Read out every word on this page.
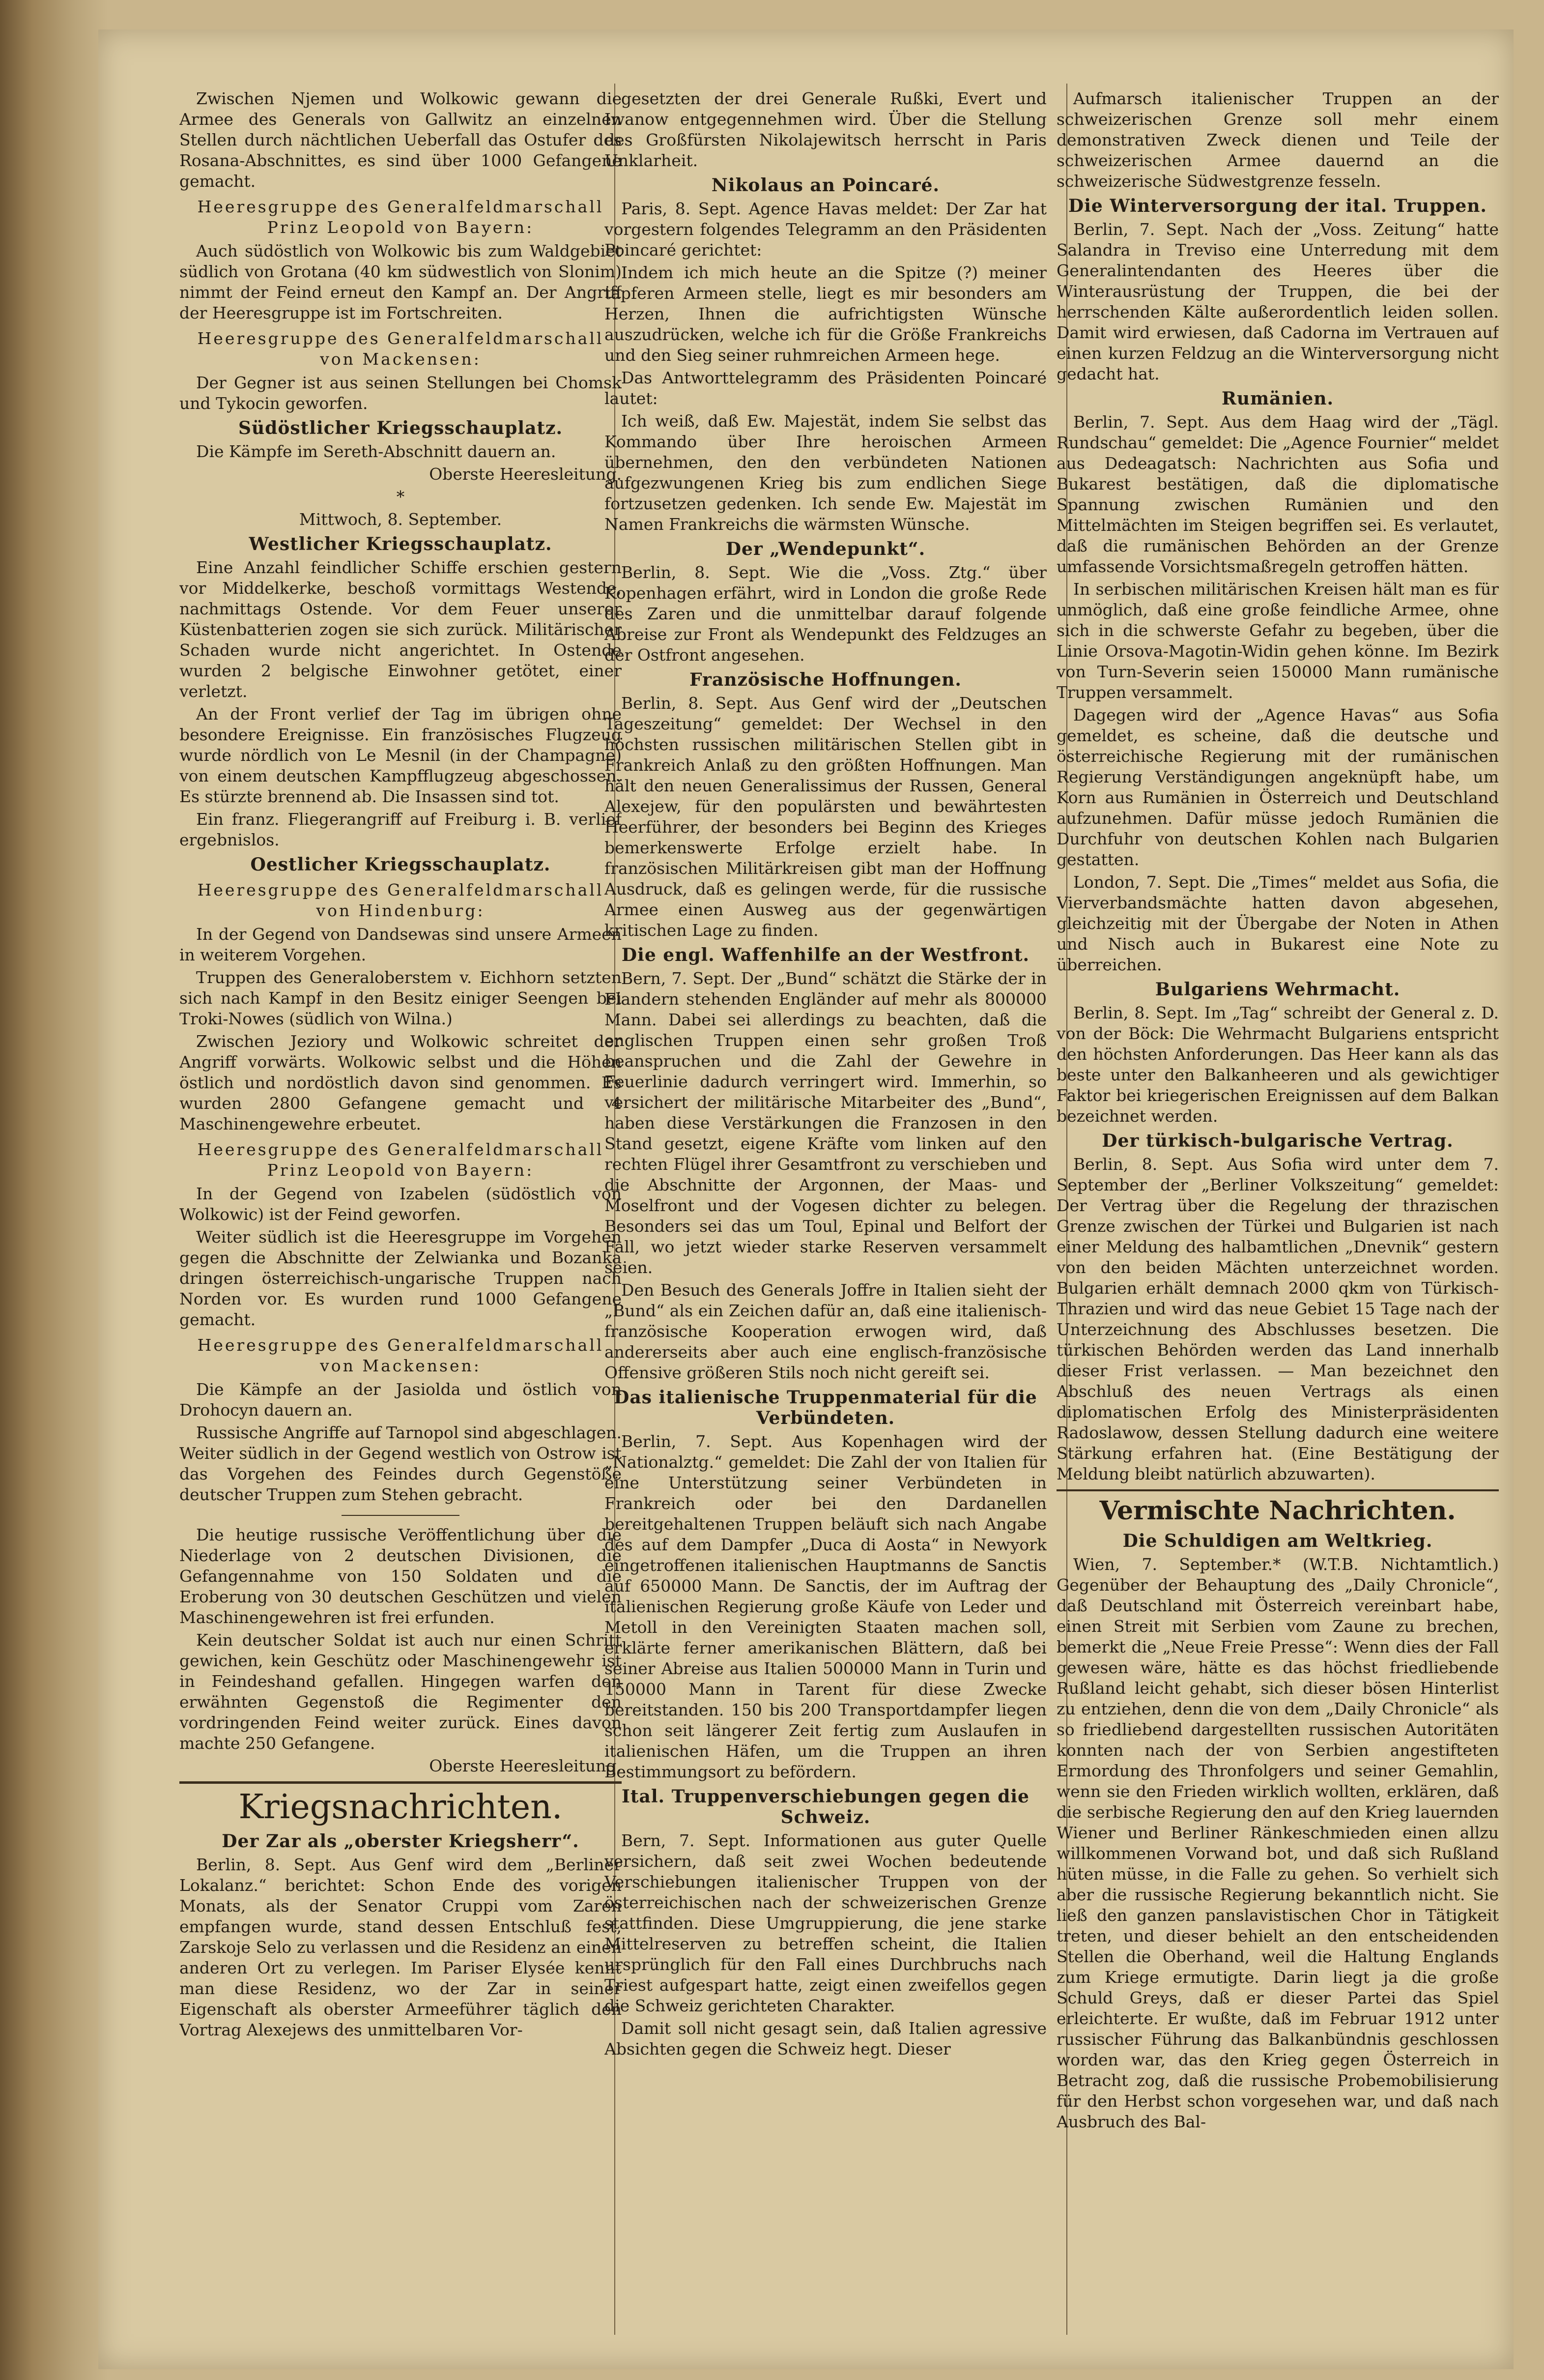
Zwischen Njemen und Wolkowic gewann die Armee des Generals von Gallwitz an einzelnen Stellen durch nächtlichen Ueberfall das Ostufer des Rosana-Abschnittes, es sind über 1000 Gefangene gemacht.

Heeresgruppe des Generalfeldmarschall Prinz Leopold von Bayern:

Auch südöstlich von Wolkowic bis zum Waldgebiet südlich von Grotana (40 km südwestlich von Slonim) nimmt der Feind erneut den Kampf an. Der Angriff der Heeresgruppe ist im Fortschreiten.

Heeresgruppe des Generalfeldmarschall von Mackensen:

Der Gegner ist aus seinen Stellungen bei Chomsk und Tykocin geworfen.

Südöstlicher Kriegsschauplatz.

Die Kämpfe im Sereth-Abschnitt dauern an.

Oberste Heeresleitung.

*

Mittwoch, 8. September.

Westlicher Kriegsschauplatz.

Eine Anzahl feindlicher Schiffe erschien gestern vor Middelkerke, beschoß vormittags Westende, nachmittags Ostende. Vor dem Feuer unserer Küstenbatterien zogen sie sich zurück. Militärischer Schaden wurde nicht angerichtet. In Ostende wurden 2 belgische Einwohner getötet, einer verletzt.

An der Front verlief der Tag im übrigen ohne besondere Ereignisse. Ein französisches Flugzeug wurde nördlich von Le Mesnil (in der Champagne) von einem deutschen Kampfflugzeug abgeschossen. Es stürzte brennend ab. Die Insassen sind tot.

Ein franz. Fliegerangriff auf Freiburg i. B. verlief ergebnislos.

Oestlicher Kriegsschauplatz.

Heeresgruppe des Generalfeldmarschall von Hindenburg:

In der Gegend von Dandsewas sind unsere Armeen in weiterem Vorgehen.

Truppen des Generaloberstem v. Eichhorn setzten sich nach Kampf in den Besitz einiger Seengen bei Troki-Nowes (südlich von Wilna.)

Zwischen Jeziory und Wolkowic schreitet der Angriff vorwärts. Wolkowic selbst und die Höhen östlich und nordöstlich davon sind genommen. Es wurden 2800 Gefangene gemacht und 4 Maschinengewehre erbeutet.

Heeresgruppe des Generalfeldmarschall Prinz Leopold von Bayern:

In der Gegend von Izabelen (südöstlich von Wolkowic) ist der Feind geworfen.

Weiter südlich ist die Heeresgruppe im Vorgehen gegen die Abschnitte der Zelwianka und Bozanka dringen österreichisch-ungarische Truppen nach Norden vor. Es wurden rund 1000 Gefangene gemacht.

Heeresgruppe des Generalfeldmarschall von Mackensen:

Die Kämpfe an der Jasiolda und östlich von Drohocyn dauern an.

Russische Angriffe auf Tarnopol sind abgeschlagen. Weiter südlich in der Gegend westlich von Ostrow ist das Vorgehen des Feindes durch Gegenstöße deutscher Truppen zum Stehen gebracht.

Die heutige russische Veröffentlichung über die Niederlage von 2 deutschen Divisionen, die Gefangennahme von 150 Soldaten und die Eroberung von 30 deutschen Geschützen und vielen Maschinengewehren ist frei erfunden.

Kein deutscher Soldat ist auch nur einen Schritt gewichen, kein Geschütz oder Maschinengewehr ist in Feindeshand gefallen. Hingegen warfen den erwähnten Gegenstoß die Regimenter den vordringenden Feind weiter zurück. Eines davon machte 250 Gefangene.

Oberste Heeresleitung.

Kriegsnachrichten.
Der Zar als „oberster Kriegsherr“.

Berlin, 8. Sept. Aus Genf wird dem „Berliner Lokalanz.“ berichtet: Schon Ende des vorigen Monats, als der Senator Cruppi vom Zaren empfangen wurde, stand dessen Entschluß fest, Zarskoje Selo zu verlassen und die Residenz an einen anderen Ort zu verlegen. Im Pariser Elysée kennt man diese Residenz, wo der Zar in seiner Eigenschaft als oberster Armeeführer täglich den Vortrag Alexejews des unmittelbaren Vor-

gesetzten der drei Generale Rußki, Evert und Iwanow entgegennehmen wird. Über die Stellung des Großfürsten Nikolajewitsch herrscht in Paris Unklarheit.

Nikolaus an Poincaré.

Paris, 8. Sept. Agence Havas meldet: Der Zar hat vorgestern folgendes Telegramm an den Präsidenten Poincaré gerichtet:

Indem ich mich heute an die Spitze (?) meiner tapferen Armeen stelle, liegt es mir besonders am Herzen, Ihnen die aufrichtigsten Wünsche auszudrücken, welche ich für die Größe Frankreichs und den Sieg seiner ruhmreichen Armeen hege.

Das Antworttelegramm des Präsidenten Poincaré lautet:

Ich weiß, daß Ew. Majestät, indem Sie selbst das Kommando über Ihre heroischen Armeen übernehmen, den den verbündeten Nationen aufgezwungenen Krieg bis zum endlichen Siege fortzusetzen gedenken. Ich sende Ew. Majestät im Namen Frankreichs die wärmsten Wünsche.

Der „Wendepunkt“.

Berlin, 8. Sept. Wie die „Voss. Ztg.“ über Kopenhagen erfährt, wird in London die große Rede des Zaren und die unmittelbar darauf folgende Abreise zur Front als Wendepunkt des Feldzuges an der Ostfront angesehen.

Französische Hoffnungen.

Berlin, 8. Sept. Aus Genf wird der „Deutschen Tageszeitung“ gemeldet: Der Wechsel in den höchsten russischen militärischen Stellen gibt in Frankreich Anlaß zu den größten Hoffnungen. Man hält den neuen Generalissimus der Russen, General Alexejew, für den populärsten und bewährtesten Heerführer, der besonders bei Beginn des Krieges bemerkenswerte Erfolge erzielt habe. In französischen Militärkreisen gibt man der Hoffnung Ausdruck, daß es gelingen werde, für die russische Armee einen Ausweg aus der gegenwärtigen kritischen Lage zu finden.

Die engl. Waffenhilfe an der Westfront.

Bern, 7. Sept. Der „Bund“ schätzt die Stärke der in Flandern stehenden Engländer auf mehr als 800000 Mann. Dabei sei allerdings zu beachten, daß die englischen Truppen einen sehr großen Troß beanspruchen und die Zahl der Gewehre in Feuerlinie dadurch verringert wird. Immerhin, so versichert der militärische Mitarbeiter des „Bund“, haben diese Verstärkungen die Franzosen in den Stand gesetzt, eigene Kräfte vom linken auf den rechten Flügel ihrer Gesamtfront zu verschieben und die Abschnitte der Argonnen, der Maas- und Moselfront und der Vogesen dichter zu belegen. Besonders sei das um Toul, Epinal und Belfort der Fall, wo jetzt wieder starke Reserven versammelt seien.

Den Besuch des Generals Joffre in Italien sieht der „Bund“ als ein Zeichen dafür an, daß eine italienisch-französische Kooperation erwogen wird, daß andererseits aber auch eine englisch-französische Offensive größeren Stils noch nicht gereift sei.

Das italienische Truppenmaterial für die Verbündeten.

Berlin, 7. Sept. Aus Kopenhagen wird der „Nationalztg.“ gemeldet: Die Zahl der von Italien für eine Unterstützung seiner Verbündeten in Frankreich oder bei den Dardanellen bereitgehaltenen Truppen beläuft sich nach Angabe des auf dem Dampfer „Duca di Aosta“ in Newyork eingetroffenen italienischen Hauptmanns de Sanctis auf 650000 Mann. De Sanctis, der im Auftrag der italienischen Regierung große Käufe von Leder und Metoll in den Vereinigten Staaten machen soll, erklärte ferner amerikanischen Blättern, daß bei seiner Abreise aus Italien 500000 Mann in Turin und 150000 Mann in Tarent für diese Zwecke bereitstanden. 150 bis 200 Transportdampfer liegen schon seit längerer Zeit fertig zum Auslaufen in italienischen Häfen, um die Truppen an ihren Bestimmungsort zu befördern.

Ital. Truppenverschiebungen gegen die Schweiz.

Bern, 7. Sept. Informationen aus guter Quelle versichern, daß seit zwei Wochen bedeutende Verschiebungen italienischer Truppen von der österreichischen nach der schweizerischen Grenze stattfinden. Diese Umgruppierung, die jene starke Mittelreserven zu betreffen scheint, die Italien ursprünglich für den Fall eines Durchbruchs nach Triest aufgespart hatte, zeigt einen zweifellos gegen die Schweiz gerichteten Charakter.

Damit soll nicht gesagt sein, daß Italien agressive Absichten gegen die Schweiz hegt. Dieser

Aufmarsch italienischer Truppen an der schweizerischen Grenze soll mehr einem demonstrativen Zweck dienen und Teile der schweizerischen Armee dauernd an die schweizerische Südwestgrenze fesseln.

Die Winterversorgung der ital. Truppen.

Berlin, 7. Sept. Nach der „Voss. Zeitung“ hatte Salandra in Treviso eine Unterredung mit dem Generalintendanten des Heeres über die Winterausrüstung der Truppen, die bei der herrschenden Kälte außerordentlich leiden sollen. Damit wird erwiesen, daß Cadorna im Vertrauen auf einen kurzen Feldzug an die Winterversorgung nicht gedacht hat.

Rumänien.

Berlin, 7. Sept. Aus dem Haag wird der „Tägl. Rundschau“ gemeldet: Die „Agence Fournier“ meldet aus Dedeagatsch: Nachrichten aus Sofia und Bukarest bestätigen, daß die diplomatische Spannung zwischen Rumänien und den Mittelmächten im Steigen begriffen sei. Es verlautet, daß die rumänischen Behörden an der Grenze umfassende Vorsichtsmaßregeln getroffen hätten.

In serbischen militärischen Kreisen hält man es für unmöglich, daß eine große feindliche Armee, ohne sich in die schwerste Gefahr zu begeben, über die Linie Orsova-Magotin-Widin gehen könne. Im Bezirk von Turn-Severin seien 150000 Mann rumänische Truppen versammelt.

Dagegen wird der „Agence Havas“ aus Sofia gemeldet, es scheine, daß die deutsche und österreichische Regierung mit der rumänischen Regierung Verständigungen angeknüpft habe, um Korn aus Rumänien in Österreich und Deutschland aufzunehmen. Dafür müsse jedoch Rumänien die Durchfuhr von deutschen Kohlen nach Bulgarien gestatten.

London, 7. Sept. Die „Times“ meldet aus Sofia, die Vierverbandsmächte hatten davon abgesehen, gleichzeitig mit der Übergabe der Noten in Athen und Nisch auch in Bukarest eine Note zu überreichen.

Bulgariens Wehrmacht.

Berlin, 8. Sept. Im „Tag“ schreibt der General z. D. von der Böck: Die Wehrmacht Bulgariens entspricht den höchsten Anforderungen. Das Heer kann als das beste unter den Balkanheeren und als gewichtiger Faktor bei kriegerischen Ereignissen auf dem Balkan bezeichnet werden.

Der türkisch-bulgarische Vertrag.

Berlin, 8. Sept. Aus Sofia wird unter dem 7. September der „Berliner Volkszeitung“ gemeldet: Der Vertrag über die Regelung der thrazischen Grenze zwischen der Türkei und Bulgarien ist nach einer Meldung des halbamtlichen „Dnevnik“ gestern von den beiden Mächten unterzeichnet worden. Bulgarien erhält demnach 2000 qkm von Türkisch-Thrazien und wird das neue Gebiet 15 Tage nach der Unterzeichnung des Abschlusses besetzen. Die türkischen Behörden werden das Land innerhalb dieser Frist verlassen. — Man bezeichnet den Abschluß des neuen Vertrags als einen diplomatischen Erfolg des Ministerpräsidenten Radoslawow, dessen Stellung dadurch eine weitere Stärkung erfahren hat. (Eine Bestätigung der Meldung bleibt natürlich abzuwarten).

Vermischte Nachrichten.
Die Schuldigen am Weltkrieg.

Wien, 7. September.* (W.T.B. Nichtamtlich.) Gegenüber der Behauptung des „Daily Chronicle“, daß Deutschland mit Österreich vereinbart habe, einen Streit mit Serbien vom Zaune zu brechen, bemerkt die „Neue Freie Presse“: Wenn dies der Fall gewesen wäre, hätte es das höchst friedliebende Rußland leicht gehabt, sich dieser bösen Hinterlist zu entziehen, denn die von dem „Daily Chronicle“ als so friedliebend dargestellten russischen Autoritäten konnten nach der von Serbien angestifteten Ermordung des Thronfolgers und seiner Gemahlin, wenn sie den Frieden wirklich wollten, erklären, daß die serbische Regierung den auf den Krieg lauernden Wiener und Berliner Ränkeschmieden einen allzu willkommenen Vorwand bot, und daß sich Rußland hüten müsse, in die Falle zu gehen. So verhielt sich aber die russische Regierung bekanntlich nicht. Sie ließ den ganzen panslavistischen Chor in Tätigkeit treten, und dieser behielt an den entscheidenden Stellen die Oberhand, weil die Haltung Englands zum Kriege ermutigte. Darin liegt ja die große Schuld Greys, daß er dieser Partei das Spiel erleichterte. Er wußte, daß im Februar 1912 unter russischer Führung das Balkanbündnis geschlossen worden war, das den Krieg gegen Österreich in Betracht zog, daß die russische Probemobilisierung für den Herbst schon vorgesehen war, und daß nach Ausbruch des Bal-
